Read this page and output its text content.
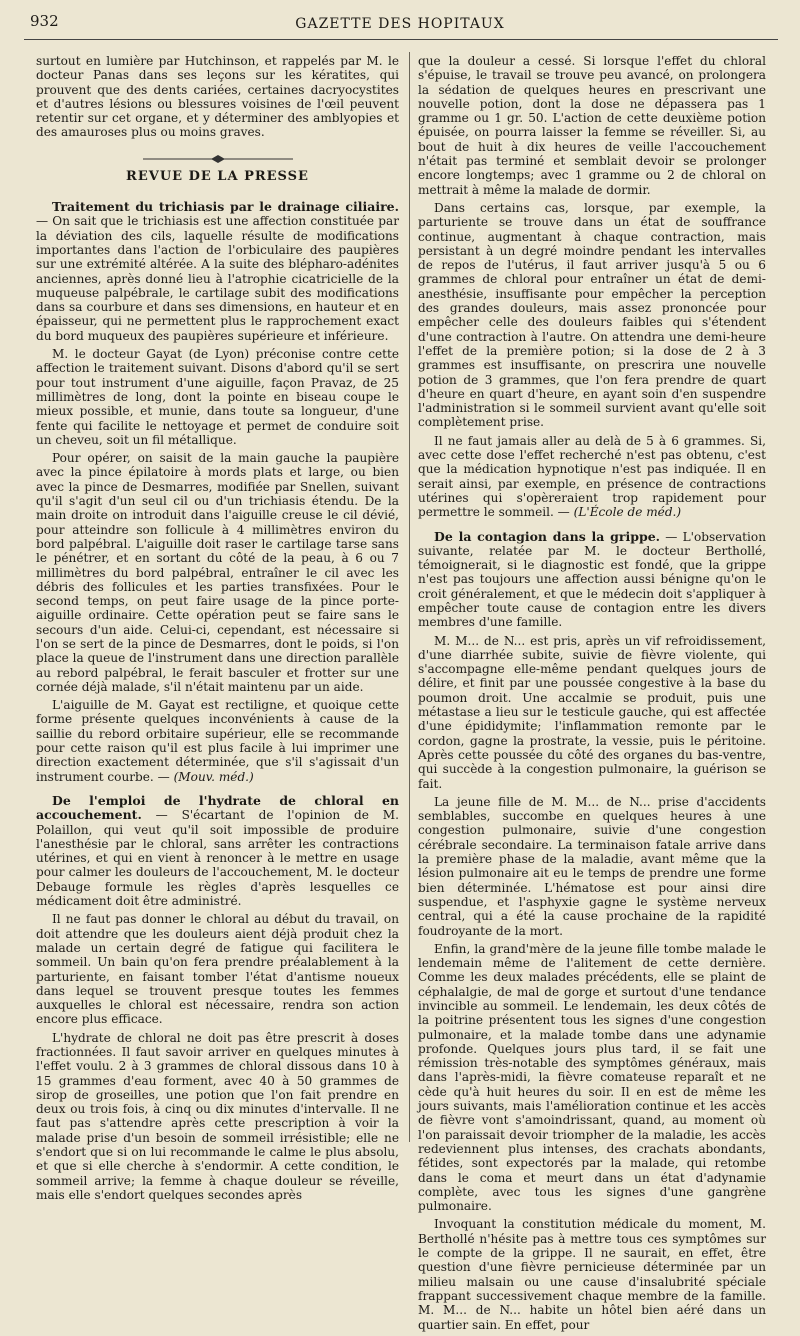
932	GAZETTE DES HOPITAUX

surtout en lumière par Hutchinson, et rappelés par M. le docteur Panas dans ses leçons sur les kératites, qui prouvent que des dents cariées, certaines dacryocystites et d'autres lésions ou blessures voisines de l'œil peuvent retentir sur cet organe, et y déterminer des amblyopies et des amauroses plus ou moins graves.

REVUE DE LA PRESSE

Traitement du trichiasis par le drainage ciliaire. — On sait que le trichiasis est une affection constituée par la déviation des cils, laquelle résulte de modifications importantes dans l'action de l'orbiculaire des paupières sur une extrémité altérée. A la suite des blépharo-adénites anciennes, après donné lieu à l'atrophie cicatricielle de la muqueuse palpébrale, le cartilage subit des modifications dans sa courbure et dans ses dimensions, en hauteur et en épaisseur, qui ne permettent plus le rapprochement exact du bord muqueux des paupières supérieure et inférieure.

M. le docteur Gayat (de Lyon) préconise contre cette affection le traitement suivant. Disons d'abord qu'il se sert pour tout instrument d'une aiguille, façon Pravaz, de 25 millimètres de long, dont la pointe en biseau coupe le mieux possible, et munie, dans toute sa longueur, d'une fente qui facilite le nettoyage et permet de conduire soit un cheveu, soit un fil métallique.

Pour opérer, on saisit de la main gauche la paupière avec la pince épilatoire à mords plats et large, ou bien avec la pince de Desmarres, modifiée par Snellen, suivant qu'il s'agit d'un seul cil ou d'un trichiasis étendu. De la main droite on introduit dans l'aiguille creuse le cil dévié, pour atteindre son follicule à 4 millimètres environ du bord palpébral. L'aiguille doit raser le cartilage tarse sans le pénétrer, et en sortant du côté de la peau, à 6 ou 7 millimètres du bord palpébral, entraîner le cil avec les débris des follicules et les parties transfixées. Pour le second temps, on peut faire usage de la pince porte-aiguille ordinaire. Cette opération peut se faire sans le secours d'un aide. Celui-ci, cependant, est nécessaire si l'on se sert de la pince de Desmarres, dont le poids, si l'on place la queue de l'instrument dans une direction parallèle au rebord palpébral, le ferait basculer et frotter sur une cornée déjà malade, s'il n'était maintenu par un aide.

L'aiguille de M. Gayat est rectiligne, et quoique cette forme présente quelques inconvénients à cause de la saillie du rebord orbitaire supérieur, elle se recommande pour cette raison qu'il est plus facile à lui imprimer une direction exactement déterminée, que s'il s'agissait d'un instrument courbe. — (Mouv. méd.)

De l'emploi de l'hydrate de chloral en accouchement. — S'écartant de l'opinion de M. Polaillon, qui veut qu'il soit impossible de produire l'anesthésie par le chloral, sans arrêter les contractions utérines, et qui en vient à renoncer à le mettre en usage pour calmer les douleurs de l'accouchement, M. le docteur Debauge formule les règles d'après lesquelles ce médicament doit être administré.

Il ne faut pas donner le chloral au début du travail, on doit attendre que les douleurs aient déjà produit chez la malade un certain degré de fatigue qui facilitera le sommeil. Un bain qu'on fera prendre préalablement à la parturiente, en faisant tomber l'état d'antisme noueux dans lequel se trouvent presque toutes les femmes auxquelles le chloral est nécessaire, rendra son action encore plus efficace.

L'hydrate de chloral ne doit pas être prescrit à doses fractionnées. Il faut savoir arriver en quelques minutes à l'effet voulu. 2 à 3 grammes de chloral dissous dans 10 à 15 grammes d'eau forment, avec 40 à 50 grammes de sirop de groseilles, une potion que l'on fait prendre en deux ou trois fois, à cinq ou dix minutes d'intervalle. Il ne faut pas s'attendre après cette prescription à voir la malade prise d'un besoin de sommeil irrésistible; elle ne s'endort que si on lui recommande le calme le plus absolu, et que si elle cherche à s'endormir. A cette condition, le sommeil arrive; la femme à chaque douleur se réveille, mais elle s'endort quelques secondes après

que la douleur a cessé. Si lorsque l'effet du chloral s'épuise, le travail se trouve peu avancé, on prolongera la sédation de quelques heures en prescrivant une nouvelle potion, dont la dose ne dépassera pas 1 gramme ou 1 gr. 50. L'action de cette deuxième potion épuisée, on pourra laisser la femme se réveiller. Si, au bout de huit à dix heures de veille l'accouchement n'était pas terminé et semblait devoir se prolonger encore longtemps; avec 1 gramme ou 2 de chloral on mettrait à même la malade de dormir.

Dans certains cas, lorsque, par exemple, la parturiente se trouve dans un état de souffrance continue, augmentant à chaque contraction, mais persistant à un degré moindre pendant les intervalles de repos de l'utérus, il faut arriver jusqu'à 5 ou 6 grammes de chloral pour entraîner un état de demi-anesthésie, insuffisante pour empêcher la perception des grandes douleurs, mais assez prononcée pour empêcher celle des douleurs faibles qui s'étendent d'une contraction à l'autre. On attendra une demi-heure l'effet de la première potion; si la dose de 2 à 3 grammes est insuffisante, on prescrira une nouvelle potion de 3 grammes, que l'on fera prendre de quart d'heure en quart d'heure, en ayant soin d'en suspendre l'administration si le sommeil survient avant qu'elle soit complètement prise.

Il ne faut jamais aller au delà de 5 à 6 grammes. Si, avec cette dose l'effet recherché n'est pas obtenu, c'est que la médication hypnotique n'est pas indiquée. Il en serait ainsi, par exemple, en présence de contractions utérines qui s'opèreraient trop rapidement pour permettre le sommeil. — (L'École de méd.)

De la contagion dans la grippe. — L'observation suivante, relatée par M. le docteur Berthollé, témoignerait, si le diagnostic est fondé, que la grippe n'est pas toujours une affection aussi bénigne qu'on le croit généralement, et que le médecin doit s'appliquer à empêcher toute cause de contagion entre les divers membres d'une famille.

M. M... de N... est pris, après un vif refroidissement, d'une diarrhée subite, suivie de fièvre violente, qui s'accompagne elle-même pendant quelques jours de délire, et finit par une poussée congestive à la base du poumon droit. Une accalmie se produit, puis une métastase a lieu sur le testicule gauche, qui est affectée d'une épididymite; l'inflammation remonte par le cordon, gagne la prostrate, la vessie, puis le péritoine. Après cette poussée du côté des organes du bas-ventre, qui succède à la congestion pulmonaire, la guérison se fait.

La jeune fille de M. M... de N... prise d'accidents semblables, succombe en quelques heures à une congestion pulmonaire, suivie d'une congestion cérébrale secondaire. La terminaison fatale arrive dans la première phase de la maladie, avant même que la lésion pulmonaire ait eu le temps de prendre une forme bien déterminée. L'hématose est pour ainsi dire suspendue, et l'asphyxie gagne le système nerveux central, qui a été la cause prochaine de la rapidité foudroyante de la mort.

Enfin, la grand'mère de la jeune fille tombe malade le lendemain même de l'alitement de cette dernière. Comme les deux malades précédents, elle se plaint de céphalalgie, de mal de gorge et surtout d'une tendance invincible au sommeil. Le lendemain, les deux côtés de la poitrine présentent tous les signes d'une congestion pulmonaire, et la malade tombe dans une adynamie profonde. Quelques jours plus tard, il se fait une rémission très-notable des symptômes généraux, mais dans l'après-midi, la fièvre comateuse reparaît et ne cède qu'à huit heures du soir. Il en est de même les jours suivants, mais l'amélioration continue et les accès de fièvre vont s'amoindrissant, quand, au moment où l'on paraissait devoir triompher de la maladie, les accès redeviennent plus intenses, des crachats abondants, fétides, sont expectorés par la malade, qui retombe dans le coma et meurt dans un état d'adynamie complète, avec tous les signes d'une gangrène pulmonaire.

Invoquant la constitution médicale du moment, M. Berthollé n'hésite pas à mettre tous ces symptômes sur le compte de la grippe. Il ne saurait, en effet, être question d'une fièvre pernicieuse déterminée par un milieu malsain ou une cause d'insalubrité spéciale frappant successivement chaque membre de la famille. M. M... de N... habite un hôtel bien aéré dans un quartier sain. En effet, pour
